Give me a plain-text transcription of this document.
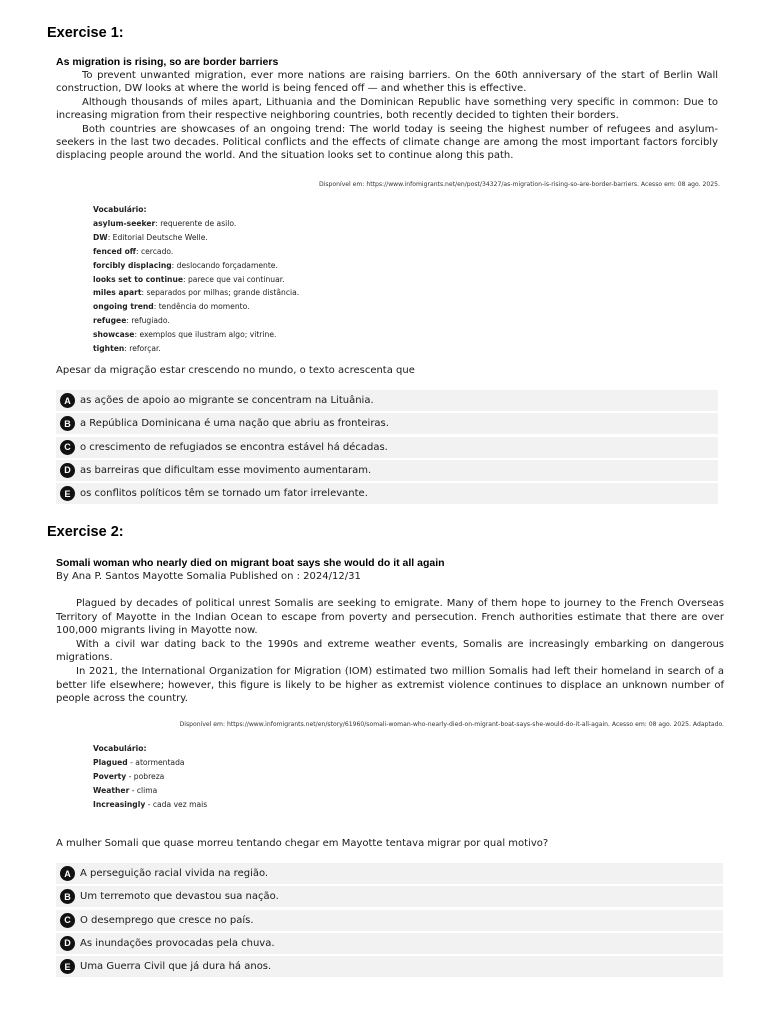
Exercise 1:
As migration is rising, so are border barriers

To prevent unwanted migration, ever more nations are raising barriers. On the 60th anniversary of the start of Berlin Wall construction, DW looks at where the world is being fenced off — and whether this is effective.

Although thousands of miles apart, Lithuania and the Dominican Republic have something very specific in common: Due to increasing migration from their respective neighboring countries, both recently decided to tighten their borders.

Both countries are showcases of an ongoing trend: The world today is seeing the highest number of refugees and asylum-seekers in the last two decades. Political conflicts and the effects of climate change are among the most important factors forcibly displacing people around the world. And the situation looks set to continue along this path.

Disponível em: https://www.infomigrants.net/en/post/34327/as-migration-is-rising-so-are-border-barriers. Acesso em: 08 ago. 2025.
Vocabulário:
asylum-seeker: requerente de asilo.
DW: Editorial Deutsche Welle.
fenced off: cercado.
forcibly displacing: deslocando forçadamente.
looks set to continue: parece que vai continuar.
miles apart: separados por milhas; grande distância.
ongoing trend: tendência do momento.
refugee: refugiado.
showcase: exemplos que ilustram algo; vitrine.
tighten: reforçar.
Apesar da migração estar crescendo no mundo, o texto acrescenta que
A as ações de apoio ao migrante se concentram na Lituânia.
B a República Dominicana é uma nação que abriu as fronteiras.
C o crescimento de refugiados se encontra estável há décadas.
D as barreiras que dificultam esse movimento aumentaram.
E os conflitos políticos têm se tornado um fator irrelevante.
Exercise 2:
Somali woman who nearly died on migrant boat says she would do it all again
By Ana P. Santos Mayotte Somalia Published on : 2024/12/31

Plagued by decades of political unrest Somalis are seeking to emigrate. Many of them hope to journey to the French Overseas Territory of Mayotte in the Indian Ocean to escape from poverty and persecution. French authorities estimate that there are over 100,000 migrants living in Mayotte now.

With a civil war dating back to the 1990s and extreme weather events, Somalis are increasingly embarking on dangerous migrations.

In 2021, the International Organization for Migration (IOM) estimated two million Somalis had left their homeland in search of a better life elsewhere; however, this figure is likely to be higher as extremist violence continues to displace an unknown number of people across the country.

Disponível em: https://www.infomigrants.net/en/story/61960/somali-woman-who-nearly-died-on-migrant-boat-says-she-would-do-it-all-again. Acesso em: 08 ago. 2025. Adaptado.
Vocabulário:
Plagued - atormentada
Poverty - pobreza
Weather - clima
Increasingly - cada vez mais
A mulher Somali que quase morreu tentando chegar em Mayotte tentava migrar por qual motivo?
A A perseguição racial vivida na região.
B Um terremoto que devastou sua nação.
C O desemprego que cresce no país.
D As inundações provocadas pela chuva.
E Uma Guerra Civil que já dura há anos.
